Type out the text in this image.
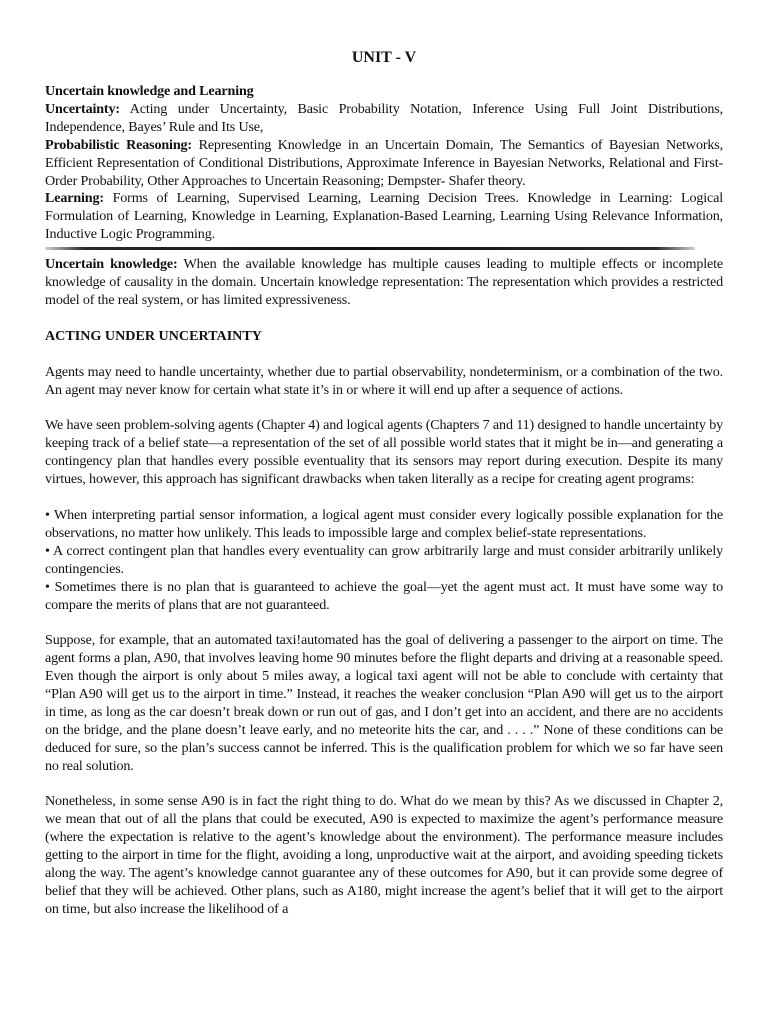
UNIT - V

Uncertain knowledge and Learning

Uncertainty: Acting under Uncertainty, Basic Probability Notation, Inference Using Full Joint Distributions, Independence, Bayes’ Rule and Its Use,

Probabilistic Reasoning: Representing Knowledge in an Uncertain Domain, The Semantics of Bayesian Networks, Efficient Representation of Conditional Distributions, Approximate Inference in Bayesian Networks, Relational and First-Order Probability, Other Approaches to Uncertain Reasoning; Dempster- Shafer theory.

Learning: Forms of Learning, Supervised Learning, Learning Decision Trees. Knowledge in Learning: Logical Formulation of Learning, Knowledge in Learning, Explanation-Based Learning, Learning Using Relevance Information, Inductive Logic Programming.

Uncertain knowledge: When the available knowledge has multiple causes leading to multiple effects or incomplete knowledge of causality in the domain. Uncertain knowledge representation: The representation which provides a restricted model of the real system, or has limited expressiveness.

ACTING UNDER UNCERTAINTY

Agents may need to handle uncertainty, whether due to partial observability, nondeterminism, or a combination of the two. An agent may never know for certain what state it’s in or where it will end up after a sequence of actions.

We have seen problem-solving agents (Chapter 4) and logical agents (Chapters 7 and 11) designed to handle uncertainty by keeping track of a belief state—a representation of the set of all possible world states that it might be in—and generating a contingency plan that handles every possible eventuality that its sensors may report during execution. Despite its many virtues, however, this approach has significant drawbacks when taken literally as a recipe for creating agent programs:

• When interpreting partial sensor information, a logical agent must consider every logically possible explanation for the observations, no matter how unlikely. This leads to impossible large and complex belief-state representations.

• A correct contingent plan that handles every eventuality can grow arbitrarily large and must consider arbitrarily unlikely contingencies.

• Sometimes there is no plan that is guaranteed to achieve the goal—yet the agent must act. It must have some way to compare the merits of plans that are not guaranteed.

Suppose, for example, that an automated taxi!automated has the goal of delivering a passenger to the airport on time. The agent forms a plan, A90, that involves leaving home 90 minutes before the flight departs and driving at a reasonable speed. Even though the airport is only about 5 miles away, a logical taxi agent will not be able to conclude with certainty that “Plan A90 will get us to the airport in time.” Instead, it reaches the weaker conclusion “Plan A90 will get us to the airport in time, as long as the car doesn’t break down or run out of gas, and I don’t get into an accident, and there are no accidents on the bridge, and the plane doesn’t leave early, and no meteorite hits the car, and . . . .” None of these conditions can be deduced for sure, so the plan’s success cannot be inferred. This is the qualification problem for which we so far have seen no real solution.

Nonetheless, in some sense A90 is in fact the right thing to do. What do we mean by this? As we discussed in Chapter 2, we mean that out of all the plans that could be executed, A90 is expected to maximize the agent’s performance measure (where the expectation is relative to the agent’s knowledge about the environment). The performance measure includes getting to the airport in time for the flight, avoiding a long, unproductive wait at the airport, and avoiding speeding tickets along the way. The agent’s knowledge cannot guarantee any of these outcomes for A90, but it can provide some degree of belief that they will be achieved. Other plans, such as A180, might increase the agent’s belief that it will get to the airport on time, but also increase the likelihood of a
